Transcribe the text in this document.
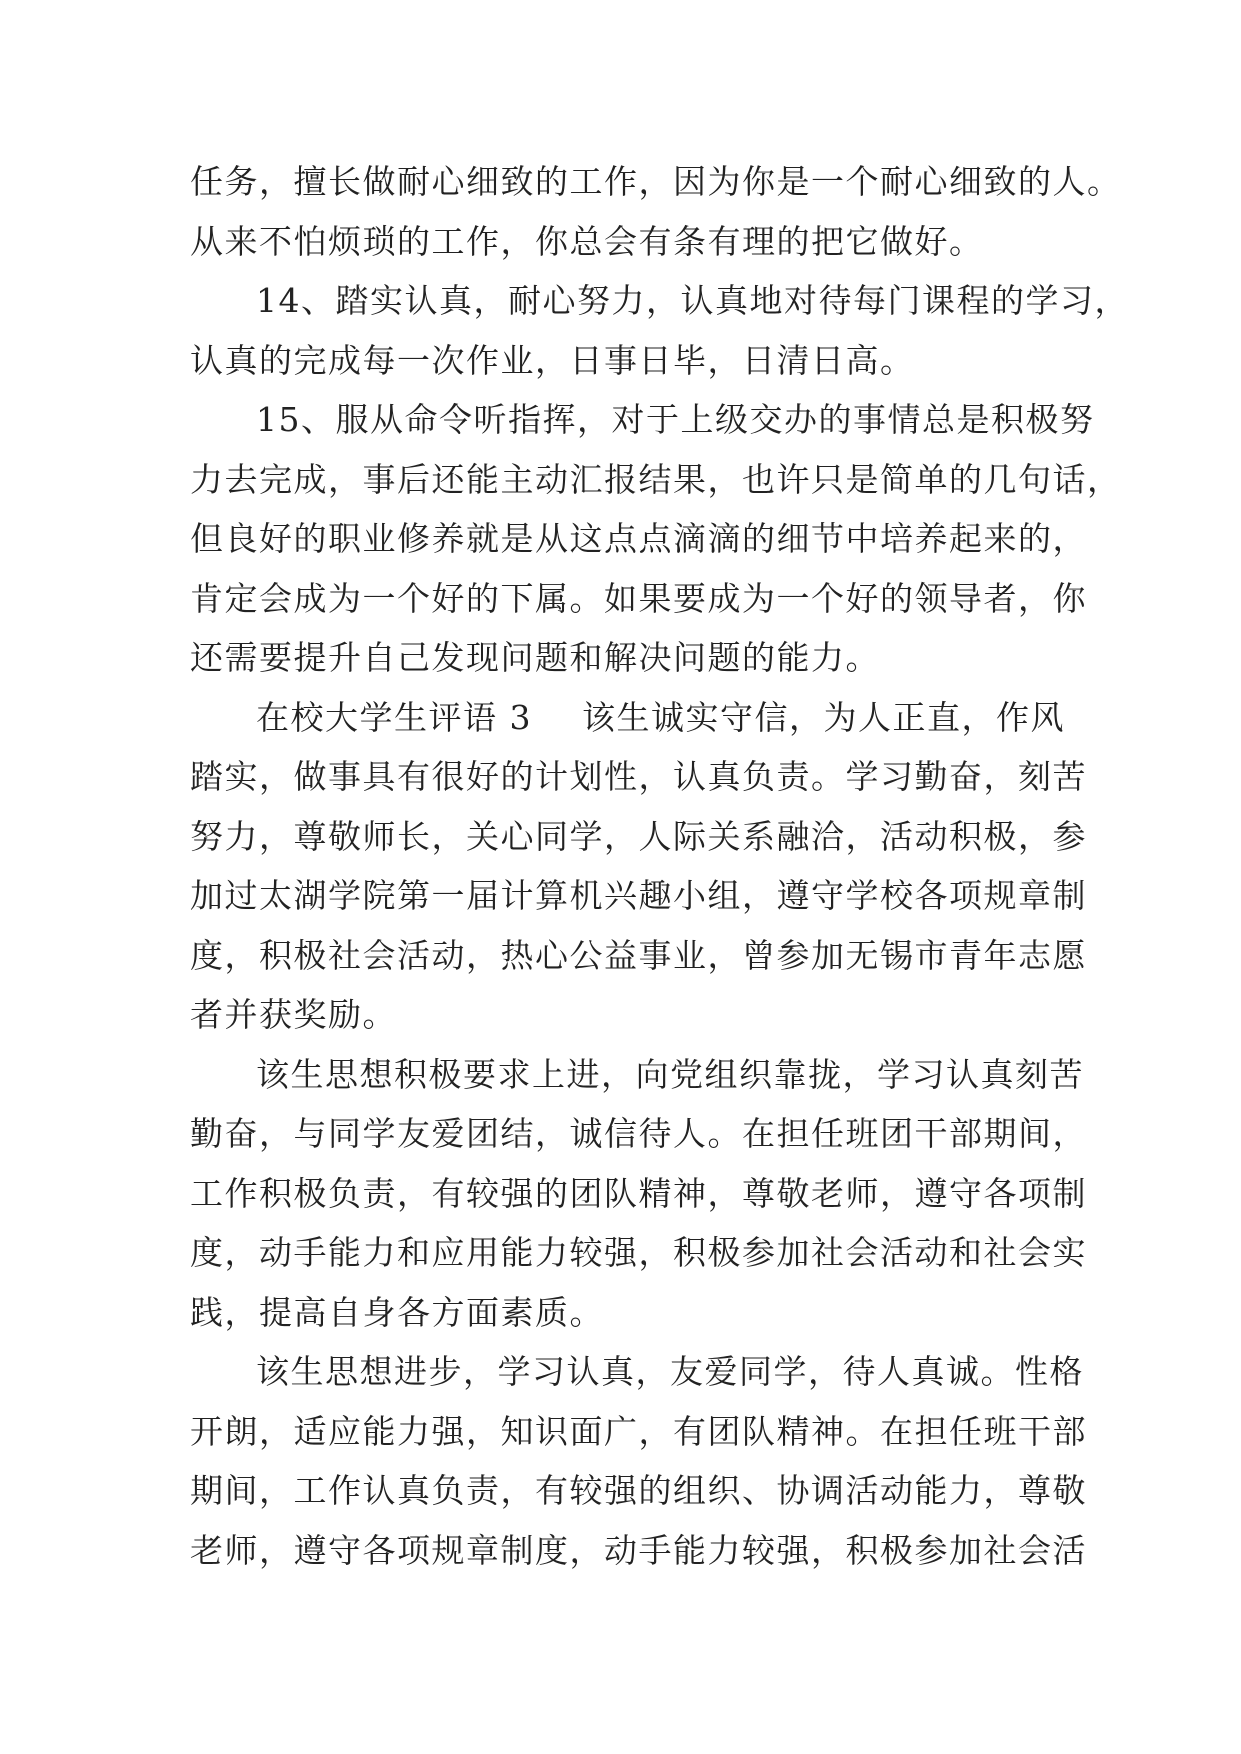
任务，擅长做耐心细致的工作，因为你是一个耐心细致的人。
从来不怕烦琐的工作，你总会有条有理的把它做好。
14、踏实认真，耐心努力，认真地对待每门课程的学习，
认真的完成每一次作业，日事日毕，日清日高。
15、服从命令听指挥，对于上级交办的事情总是积极努
力去完成，事后还能主动汇报结果，也许只是简单的几句话，
但良好的职业修养就是从这点点滴滴的细节中培养起来的，
肯定会成为一个好的下属。如果要成为一个好的领导者，你
还需要提升自己发现问题和解决问题的能力。
在校大学生评语 3 该生诚实守信，为人正直，作风
踏实，做事具有很好的计划性，认真负责。学习勤奋，刻苦
努力，尊敬师长，关心同学，人际关系融洽，活动积极，参
加过太湖学院第一届计算机兴趣小组，遵守学校各项规章制
度，积极社会活动，热心公益事业，曾参加无锡市青年志愿
者并获奖励。
该生思想积极要求上进，向党组织靠拢，学习认真刻苦
勤奋，与同学友爱团结，诚信待人。在担任班团干部期间，
工作积极负责，有较强的团队精神，尊敬老师，遵守各项制
度，动手能力和应用能力较强，积极参加社会活动和社会实
践，提高自身各方面素质。
该生思想进步，学习认真，友爱同学，待人真诚。性格
开朗，适应能力强，知识面广，有团队精神。在担任班干部
期间，工作认真负责，有较强的组织、协调活动能力，尊敬
老师，遵守各项规章制度，动手能力较强，积极参加社会活
